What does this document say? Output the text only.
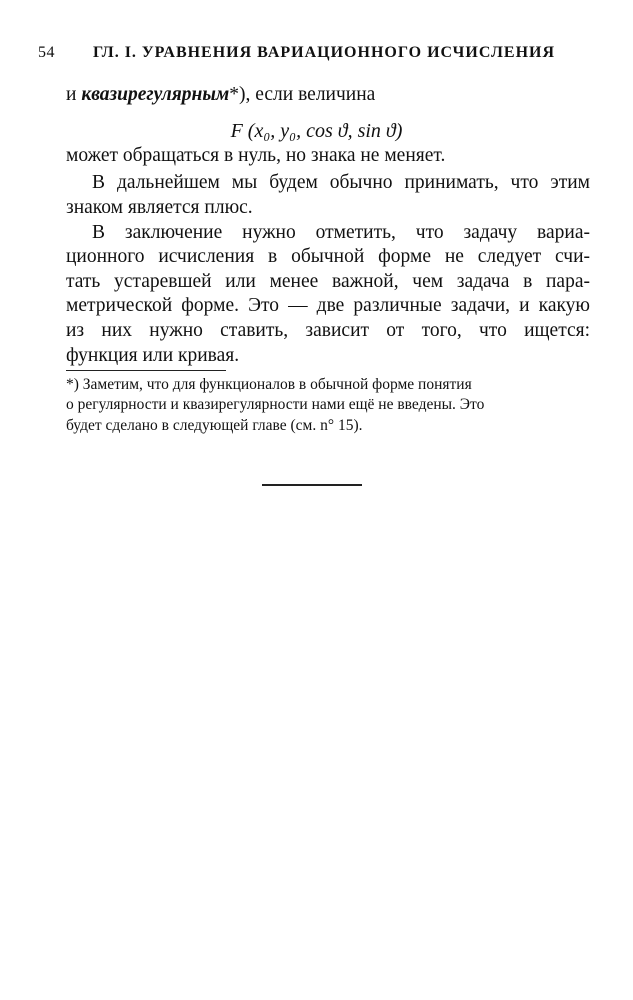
54 ГЛ. I. УРАВНЕНИЯ ВАРИАЦИОННОГО ИСЧИСЛЕНИЯ
и квазирегулярным*), если величина
F (x₀, y₀, cos ϑ, sin ϑ)
может обращаться в нуль, но знака не меняет.
В дальнейшем мы будем обычно принимать, что этим
знаком является плюс.
В заключение нужно отметить, что задачу вариа-
ционного исчисления в обычной форме не следует счи-
тать устаревшей или менее важной, чем задача в пара-
метрической форме. Это — две различные задачи, и какую
из них нужно ставить, зависит от того, что ищется:
функция или кривая.
*) Заметим, что для функционалов в обычной форме понятия
о регулярности и квазирегулярности нами ещё не введены. Это
будет сделано в следующей главе (см. n° 15).
